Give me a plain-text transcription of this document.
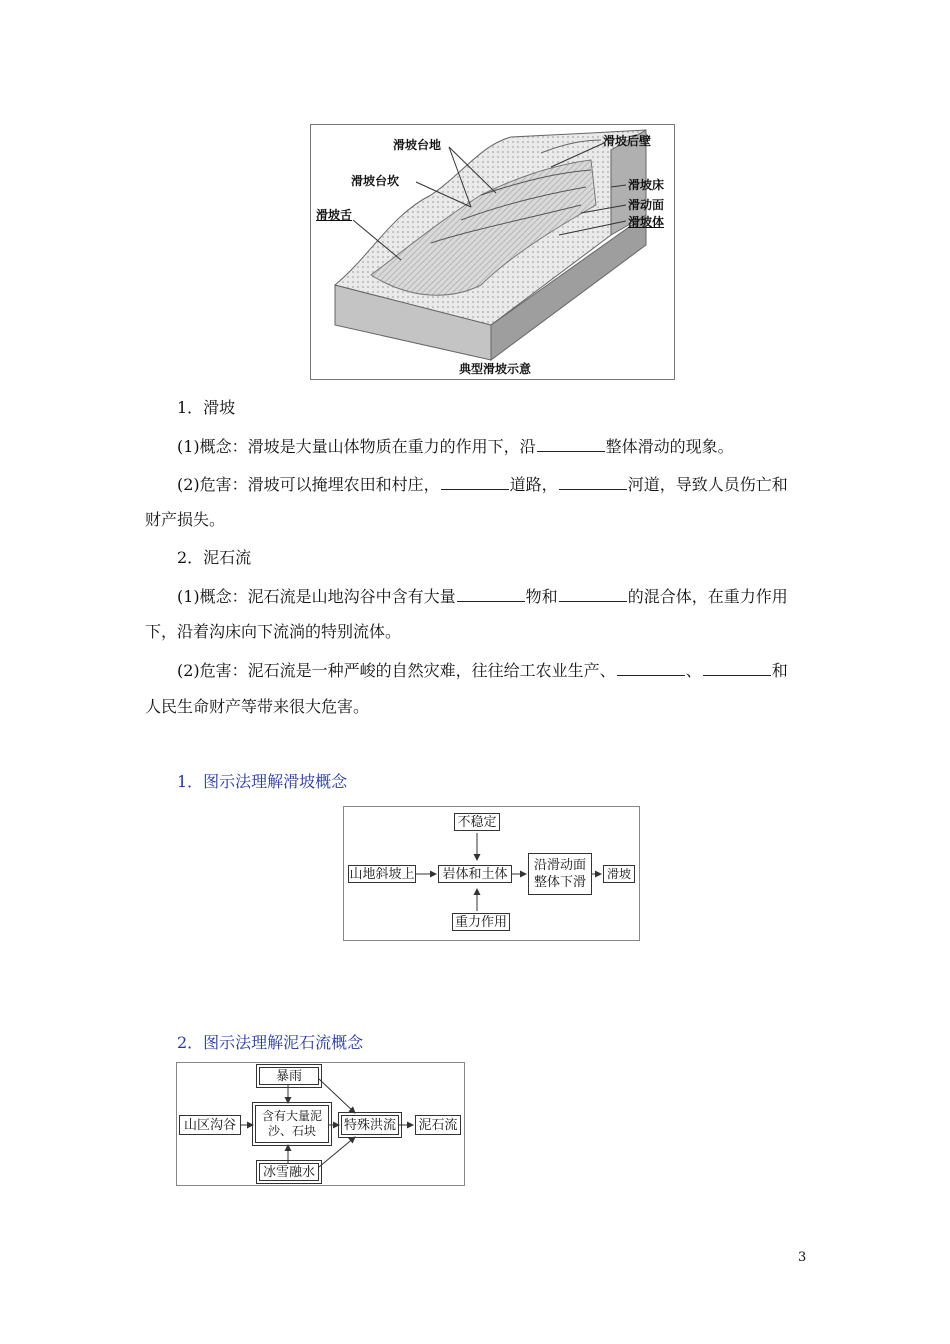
滑坡台地	滑坡后壁
滑坡台坎	滑坡床
滑动面
滑坡舌	滑坡体
典型滑坡示意
1．滑坡
(1)概念：滑坡是大量山体物质在重力的作用下，沿	整体滑动的现象。
(2)危害：滑坡可以掩埋农田和村庄，	道路，	河道，导致人员伤亡和
财产损失。
2．泥石流
(1)概念：泥石流是山地沟谷中含有大量	物和	的混合体，在重力作用
下，沿着沟床向下流淌的特别流体。
(2)危害：泥石流是一种严峻的自然灾难，往往给工农业生产、	、	和
人民生命财产等带来很大危害。
1．图示法理解滑坡概念
不稳定
山地斜坡上	岩体和土体
沿滑动面整体下滑
滑坡
重力作用
2．图示法理解泥石流概念
暴雨
山区沟谷
含有大量泥沙、石块	特殊洪流 泥石流
冰雪融水
3
